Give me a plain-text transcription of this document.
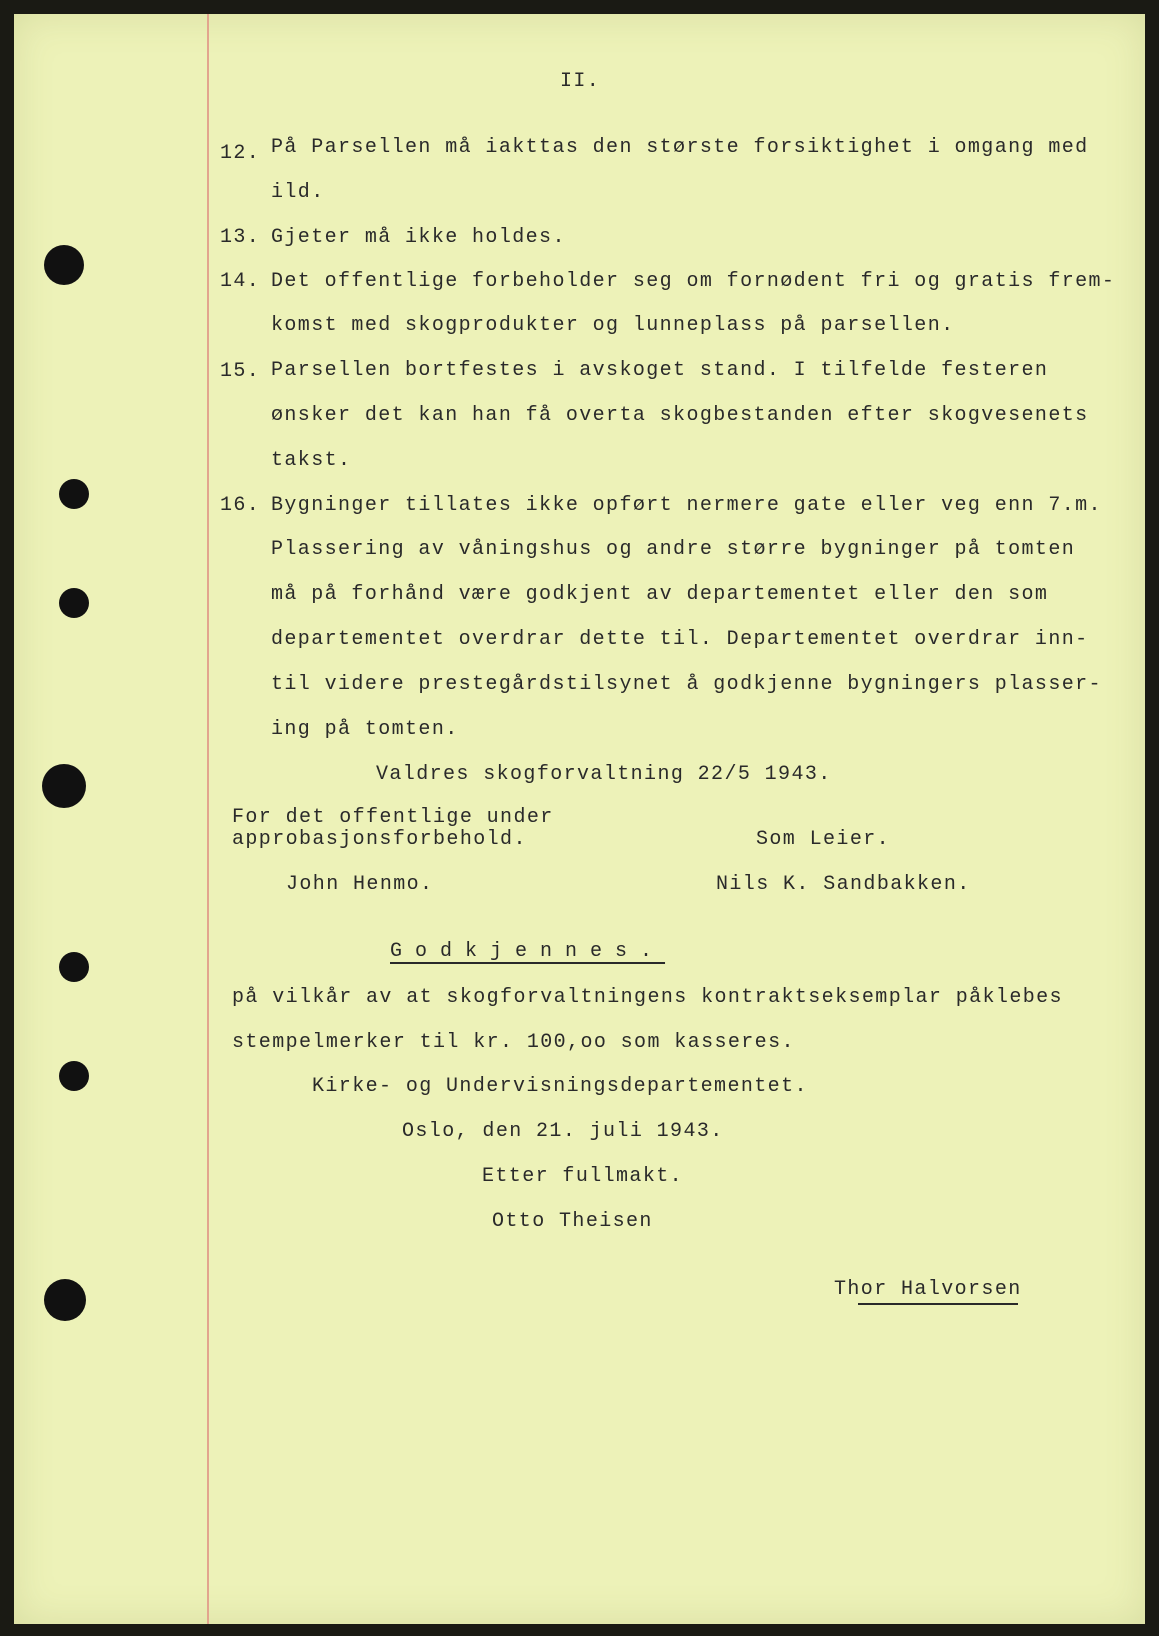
II.
12. På Parsellen må iakttas den største forsiktighet i omgang med
ild.
13. Gjeter må ikke holdes.
14. Det offentlige forbeholder seg om fornødent fri og gratis frem-
komst med skogprodukter og lunneplass på parsellen.
15. Parsellen bortfestes i avskoget stand. I tilfelde festeren
ønsker det kan han få overta skogbestanden efter skogvesenets
takst.
16. Bygninger tillates ikke opført nermere gate eller veg enn 7.m.
Plassering av våningshus og andre større bygninger på tomten
må på forhånd være godkjent av departementet eller den som
departementet overdrar dette til. Departementet overdrar inn-
til videre prestegårdstilsynet å godkjenne bygningers plasser-
ing på tomten.
Valdres skogforvaltning 22/5 1943.
For det offentlige under
approbasjonsforbehold.	Som Leier.
John Henmo.	Nils K. Sandbakken.
Godkjennes.
på vilkår av at skogforvaltningens kontraktseksemplar påklebes
stempelmerker til kr. 100,oo som kasseres.
Kirke- og Undervisningsdepartementet.
Oslo, den 21. juli 1943.
Etter fullmakt.
Otto Theisen
Thor Halvorsen
